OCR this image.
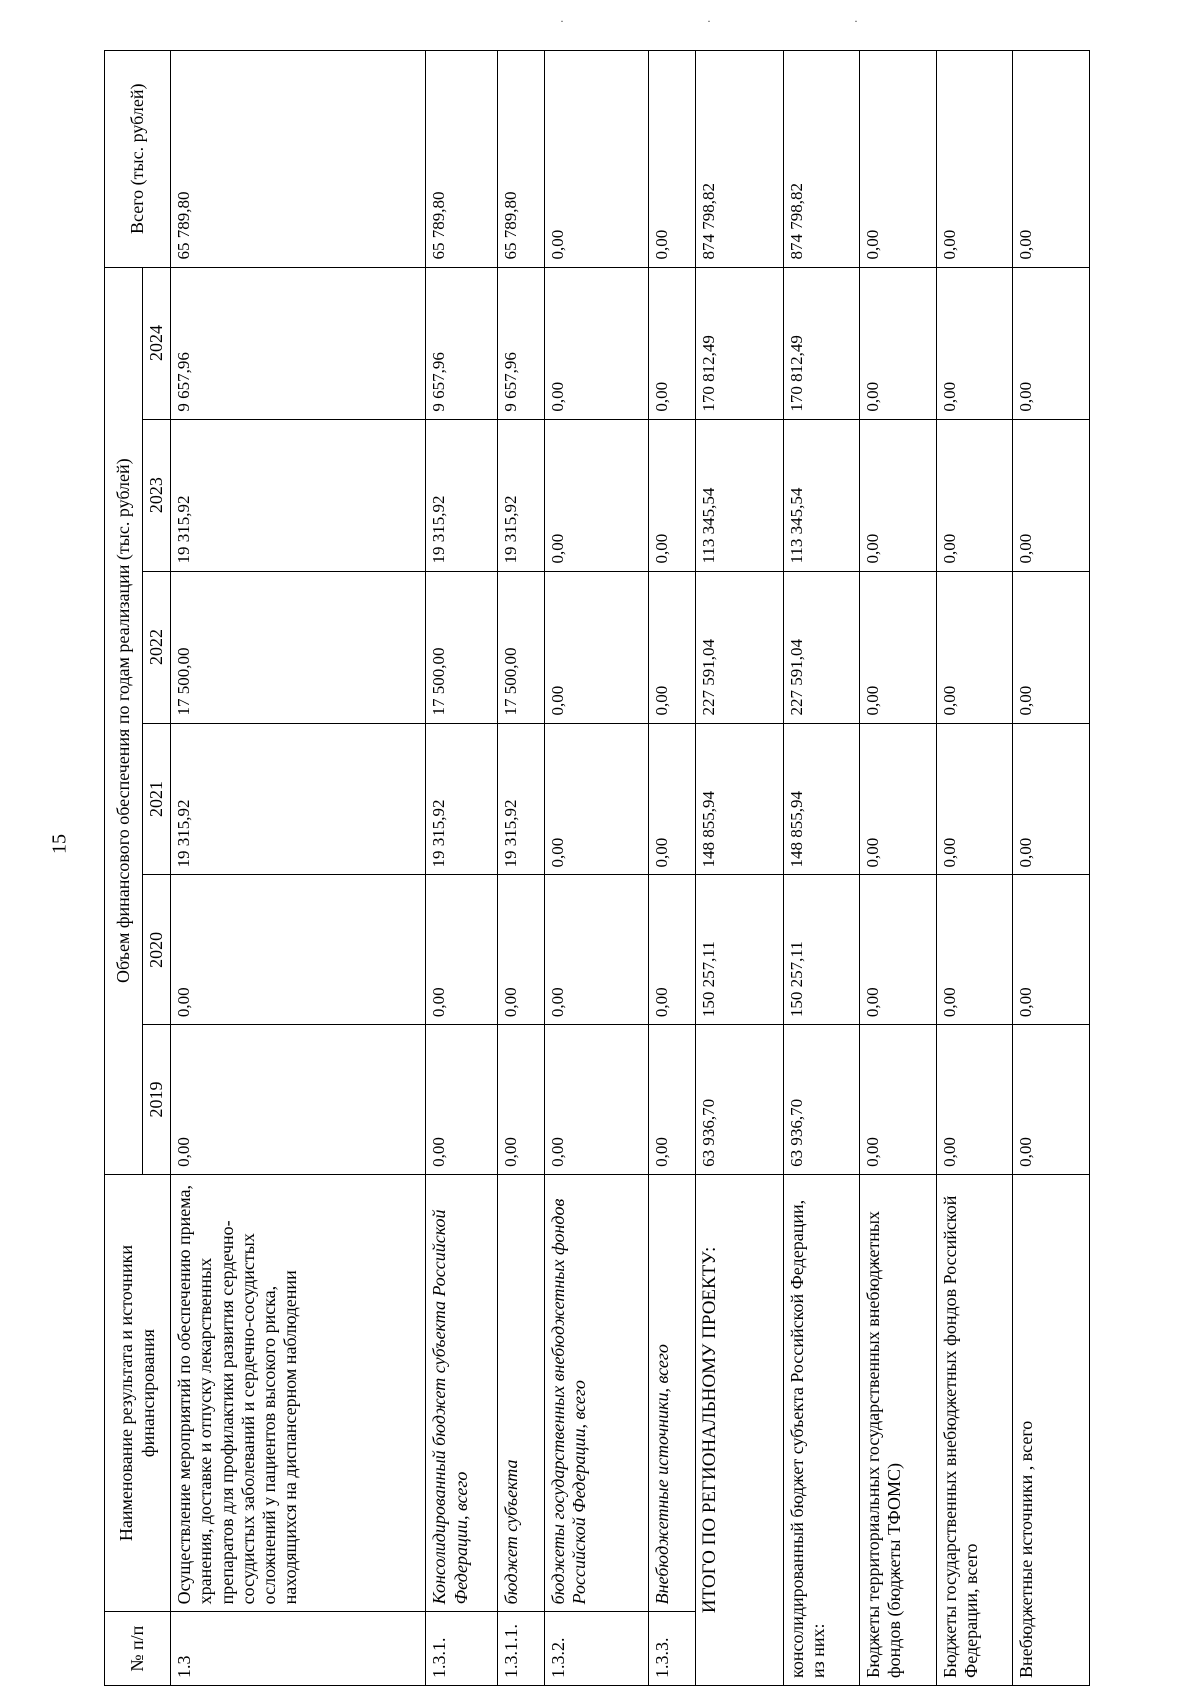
15
· · ·
№ п/п	Наименование результата и источники финансирования	Объем финансового обеспечения по годам реализации (тыс. рублей)						Всего (тыс. рублей)
		2019	2020	2021	2022	2023	2024	
1.3	Осуществление мероприятий по обеспечению приема, хранения, доставке и отпуску лекарственных препаратов для профилактики развития сердечно-сосудистых заболеваний и сердечно-сосудистых осложнений у пациентов высокого риска, находящихся на диспансерном наблюдении	0,00	0,00	19 315,92	17 500,00	19 315,92	9 657,96	65 789,80
1.3.1.	Консолидированный бюджет субъекта Российской Федерации, всего	0,00	0,00	19 315,92	17 500,00	19 315,92	9 657,96	65 789,80
1.3.1.1.	бюджет субъекта	0,00	0,00	19 315,92	17 500,00	19 315,92	9 657,96	65 789,80
1.3.2.	бюджеты государственных внебюджетных фондов Российской Федерации, всего	0,00	0,00	0,00	0,00	0,00	0,00	0,00
1.3.3.	Внебюджетные источники, всего	0,00	0,00	0,00	0,00	0,00	0,00	0,00
ИТОГО ПО РЕГИОНАЛЬНОМУ ПРОЕКТУ:		63 936,70	150 257,11	148 855,94	227 591,04	113 345,54	170 812,49	874 798,82
консолидированный бюджет субъекта Российской Федерации, из них:		63 936,70	150 257,11	148 855,94	227 591,04	113 345,54	170 812,49	874 798,82
Бюджеты территориальных государственных внебюджетных фондов (бюджеты ТФОМС)		0,00	0,00	0,00	0,00	0,00	0,00	0,00
Бюджеты государственных внебюджетных фондов Российской Федерации, всего		0,00	0,00	0,00	0,00	0,00	0,00	0,00
Внебюджетные источники , всего		0,00	0,00	0,00	0,00	0,00	0,00	0,00
